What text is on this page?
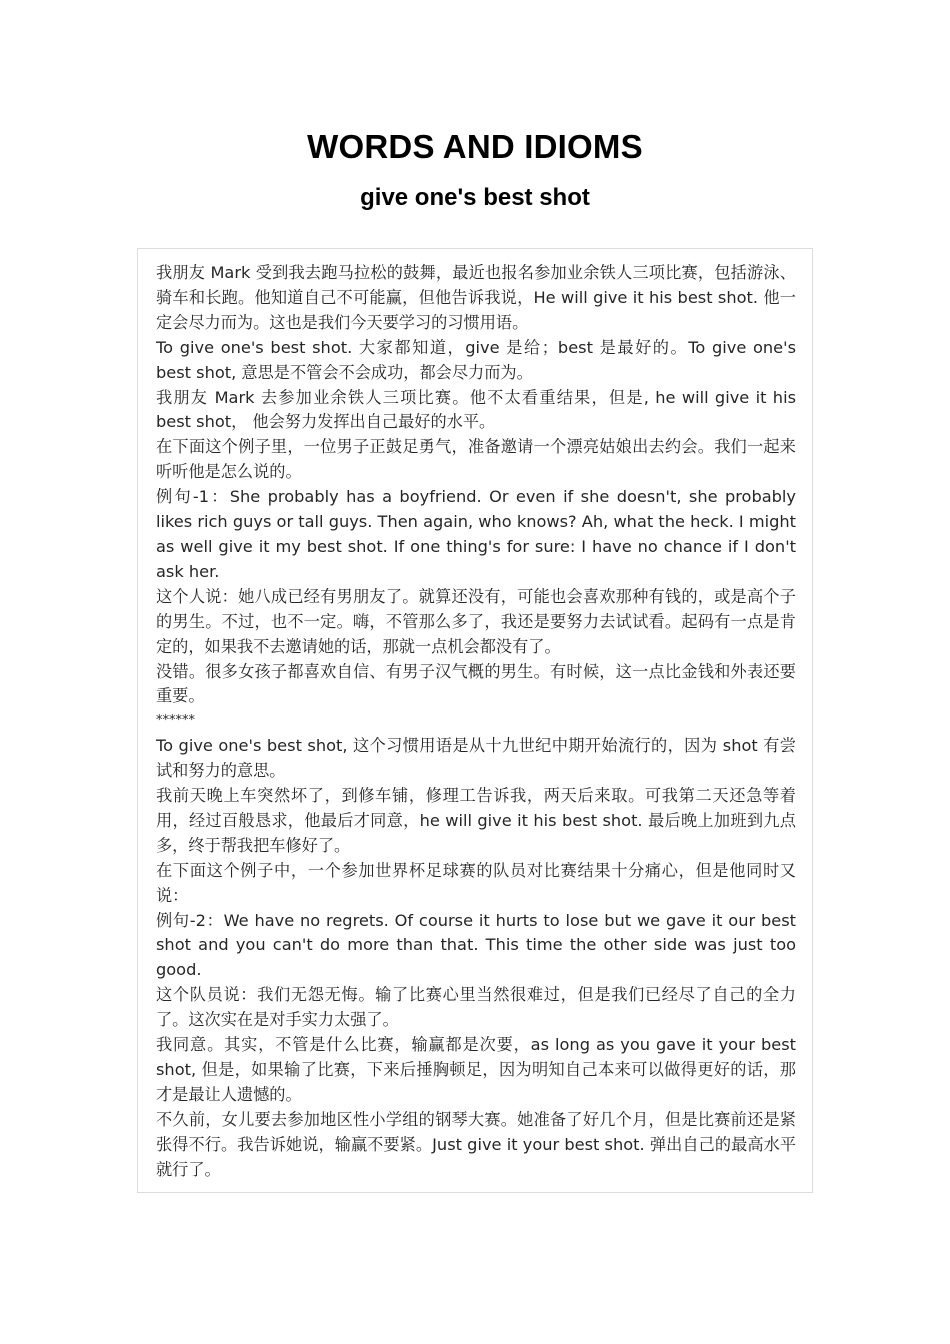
WORDS AND IDIOMS
give one's best shot

我朋友 Mark 受到我去跑马拉松的鼓舞，最近也报名参加业余铁人三项比赛，包括游泳、骑车和长跑。他知道自己不可能赢，但他告诉我说，He will give it his best shot. 他一定会尽力而为。这也是我们今天要学习的习惯用语。

To give one's best shot. 大家都知道，give 是给；best 是最好的。To give one's best shot, 意思是不管会不会成功，都会尽力而为。

我朋友 Mark 去参加业余铁人三项比赛。他不太看重结果，但是, he will give it his best shot， 他会努力发挥出自己最好的水平。

在下面这个例子里，一位男子正鼓足勇气，准备邀请一个漂亮姑娘出去约会。我们一起来听听他是怎么说的。

例句-1：She probably has a boyfriend. Or even if she doesn't, she probably likes rich guys or tall guys. Then again, who knows? Ah, what the heck. I might as well give it my best shot. If one thing's for sure: I have no chance if I don't ask her.

这个人说：她八成已经有男朋友了。就算还没有，可能也会喜欢那种有钱的，或是高个子的男生。不过，也不一定。嗨，不管那么多了，我还是要努力去试试看。起码有一点是肯定的，如果我不去邀请她的话，那就一点机会都没有了。

没错。很多女孩子都喜欢自信、有男子汉气概的男生。有时候，这一点比金钱和外表还要重要。

******

To give one's best shot, 这个习惯用语是从十九世纪中期开始流行的，因为 shot 有尝试和努力的意思。

我前天晚上车突然坏了，到修车铺，修理工告诉我，两天后来取。可我第二天还急等着用，经过百般恳求，他最后才同意，he will give it his best shot. 最后晚上加班到九点多，终于帮我把车修好了。

在下面这个例子中，一个参加世界杯足球赛的队员对比赛结果十分痛心，但是他同时又说：

例句-2：We have no regrets. Of course it hurts to lose but we gave it our best shot and you can't do more than that. This time the other side was just too good.

这个队员说：我们无怨无悔。输了比赛心里当然很难过，但是我们已经尽了自己的全力了。这次实在是对手实力太强了。

我同意。其实，不管是什么比赛，输赢都是次要，as long as you gave it your best shot, 但是，如果输了比赛，下来后捶胸顿足，因为明知自己本来可以做得更好的话，那才是最让人遗憾的。

不久前，女儿要去参加地区性小学组的钢琴大赛。她准备了好几个月，但是比赛前还是紧张得不行。我告诉她说，输赢不要紧。Just give it your best shot. 弹出自己的最高水平就行了。
